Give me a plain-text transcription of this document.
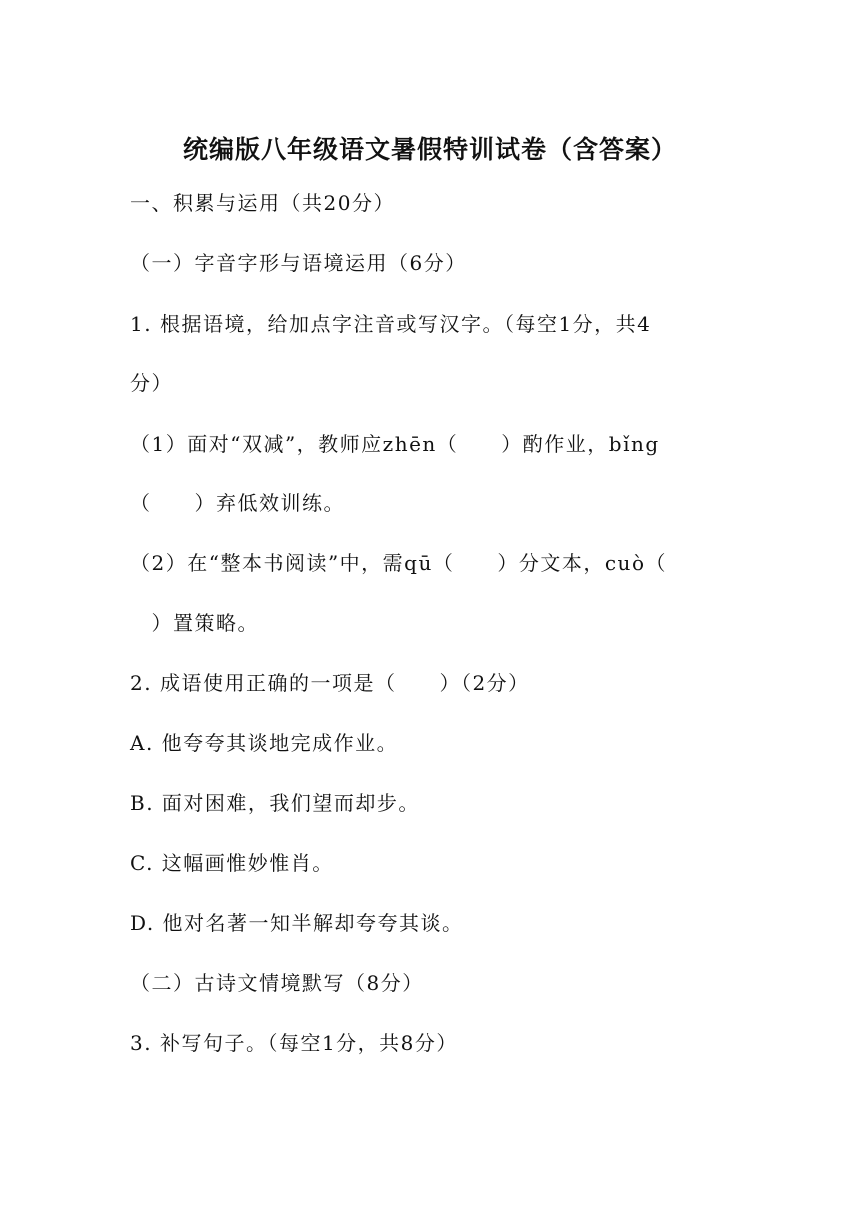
统编版八年级语文暑假特训试卷（含答案）
一、积累与运用（共20分）
（一）字音字形与语境运用（6分）
1. 根据语境，给加点字注音或写汉字。（每空1分，共4
分）
（1）面对“双减”，教师应zhēn（　　）酌作业，bǐng
（　　）弃低效训练。
（2）在“整本书阅读”中，需qū（　　）分文本，cuò（
　）置策略。
2. 成语使用正确的一项是（　　）（2分）
A. 他夸夸其谈地完成作业。
B. 面对困难，我们望而却步。
C. 这幅画惟妙惟肖。
D. 他对名著一知半解却夸夸其谈。
（二）古诗文情境默写（8分）
3. 补写句子。（每空1分，共8分）
